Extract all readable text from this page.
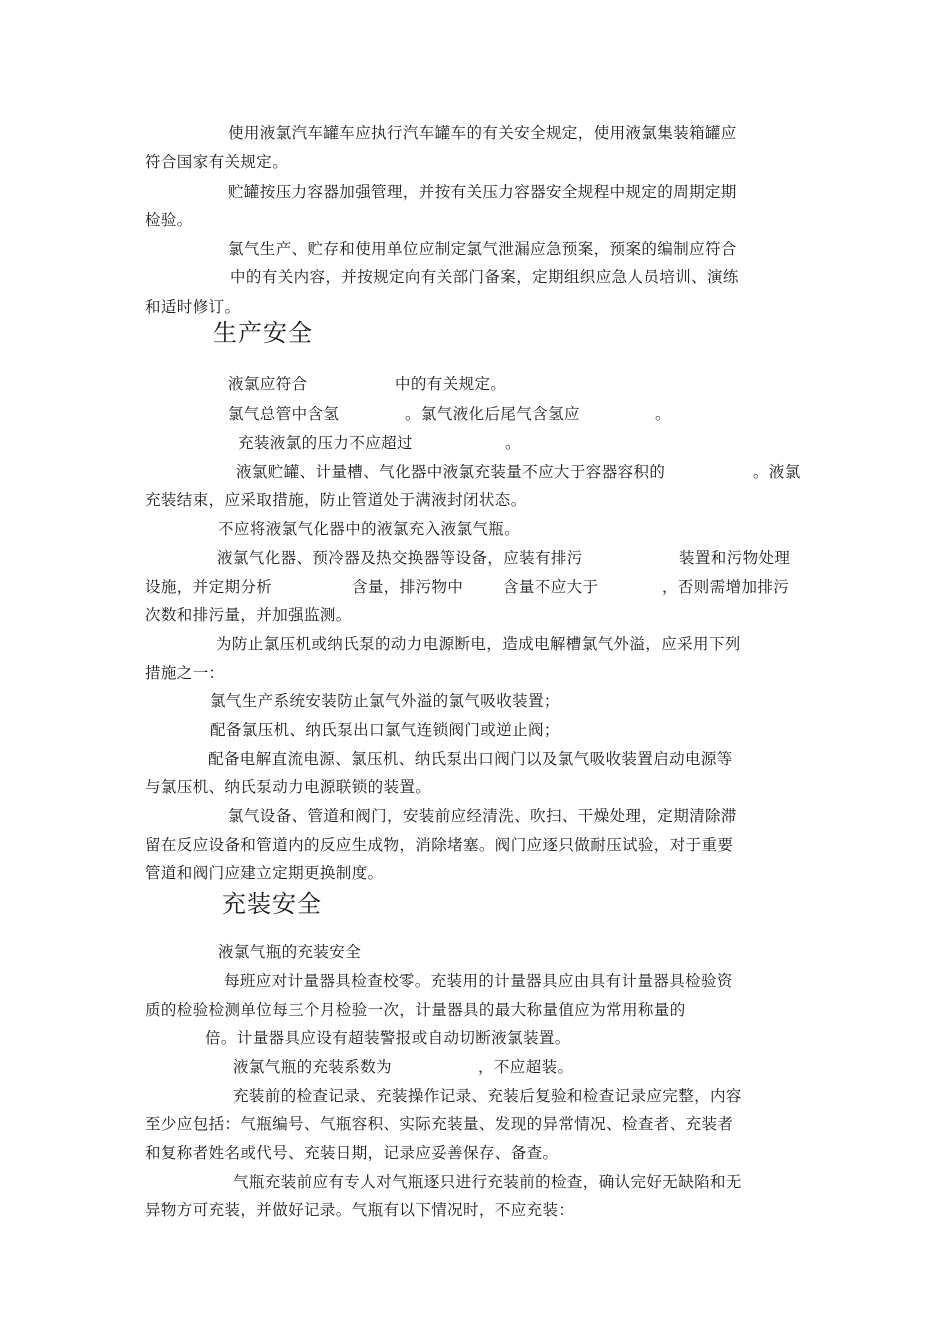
使用液氯汽车罐车应执行汽车罐车的有关安全规定，使用液氯集装箱罐应
符合国家有关规定。
贮罐按压力容器加强管理，并按有关压力容器安全规程中规定的周期定期
检验。
氯气生产、贮存和使用单位应制定氯气泄漏应急预案，预案的编制应符合
中的有关内容，并按规定向有关部门备案，定期组织应急人员培训、演练
和适时修订。
生产安全
液氯应符合	中的有关规定。
氯气总管中含氢	。氯气液化后尾气含氢应	。
充装液氯的压力不应超过	。
液氯贮罐、计量槽、气化器中液氯充装量不应大于容器容积的	。液氯
充装结束，应采取措施，防止管道处于满液封闭状态。
不应将液氯气化器中的液氯充入液氯气瓶。
液氯气化器、预冷器及热交换器等设备，应装有排污	装置和污物处理
设施，并定期分析	含量，排污物中	含量不应大于	，否则需增加排污
次数和排污量，并加强监测。
为防止氯压机或纳氏泵的动力电源断电，造成电解槽氯气外溢，应采用下列
措施之一：
氯气生产系统安装防止氯气外溢的氯气吸收装置；
配备氯压机、纳氏泵出口氯气连锁阀门或逆止阀；
配备电解直流电源、氯压机、纳氏泵出口阀门以及氯气吸收装置启动电源等
与氯压机、纳氏泵动力电源联锁的装置。
氯气设备、管道和阀门，安装前应经清洗、吹扫、干燥处理，定期清除滞
留在反应设备和管道内的反应生成物，消除堵塞。阀门应逐只做耐压试验，对于重要
管道和阀门应建立定期更换制度。
充装安全
液氯气瓶的充装安全
每班应对计量器具检查校零。充装用的计量器具应由具有计量器具检验资
质的检验检测单位每三个月检验一次，计量器具的最大称量值应为常用称量的
倍。计量器具应设有超装警报或自动切断液氯装置。
液氯气瓶的充装系数为	，不应超装。
充装前的检查记录、充装操作记录、充装后复验和检查记录应完整，内容
至少应包括：气瓶编号、气瓶容积、实际充装量、发现的异常情况、检查者、充装者
和复称者姓名或代号、充装日期，记录应妥善保存、备查。
气瓶充装前应有专人对气瓶逐只进行充装前的检查，确认完好无缺陷和无
异物方可充装，并做好记录。气瓶有以下情况时，不应充装：
